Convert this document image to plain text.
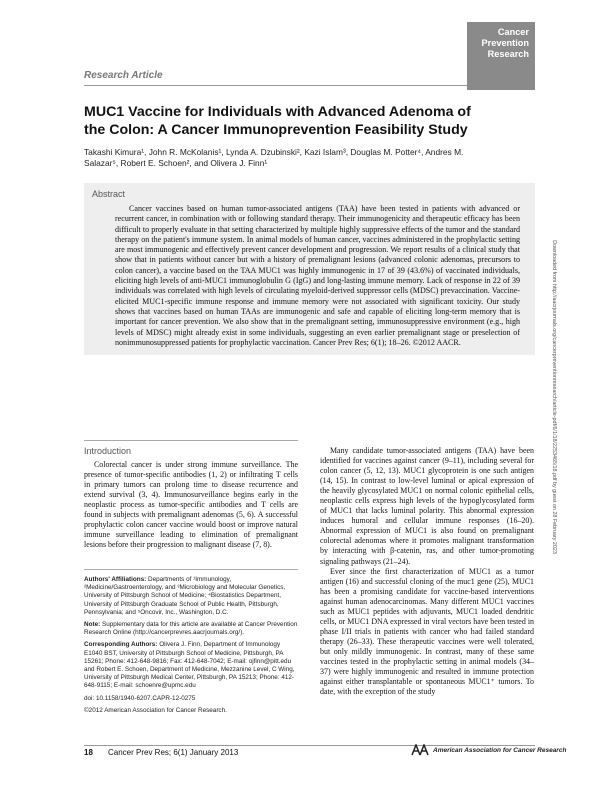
Cancer
Prevention
Research
Research Article
MUC1 Vaccine for Individuals with Advanced Adenoma of the Colon: A Cancer Immunoprevention Feasibility Study
Takashi Kimura¹, John R. McKolanis¹, Lynda A. Dzubinski², Kazi Islam³, Douglas M. Potter⁴, Andres M. Salazar⁵, Robert E. Schoen², and Olivera J. Finn¹
Abstract

Cancer vaccines based on human tumor-associated antigens (TAA) have been tested in patients with advanced or recurrent cancer, in combination with or following standard therapy. Their immunogenicity and therapeutic efficacy has been difficult to properly evaluate in that setting characterized by multiple highly suppressive effects of the tumor and the standard therapy on the patient's immune system. In animal models of human cancer, vaccines administered in the prophylactic setting are most immunogenic and effectively prevent cancer development and progression. We report results of a clinical study that show that in patients without cancer but with a history of premalignant lesions (advanced colonic adenomas, precursors to colon cancer), a vaccine based on the TAA MUC1 was highly immunogenic in 17 of 39 (43.6%) of vaccinated individuals, eliciting high levels of anti-MUC1 immunoglobulin G (IgG) and long-lasting immune memory. Lack of response in 22 of 39 individuals was correlated with high levels of circulating myeloid-derived suppressor cells (MDSC) prevaccination. Vaccine-elicited MUC1-specific immune response and immune memory were not associated with significant toxicity. Our study shows that vaccines based on human TAAs are immunogenic and safe and capable of eliciting long-term memory that is important for cancer prevention. We also show that in the premalignant setting, immunosuppressive environment (e.g., high levels of MDSC) might already exist in some individuals, suggesting an even earlier premalignant stage or preselection of nonimmunosuppressed patients for prophylactic vaccination. Cancer Prev Res; 6(1); 18–26. ©2012 AACR.

Introduction

Colorectal cancer is under strong immune surveillance. The presence of tumor-specific antibodies (1, 2) or infiltrating T cells in primary tumors can prolong time to disease recurrence and extend survival (3, 4). Immunosurveillance begins early in the neoplastic process as tumor-specific antibodies and T cells are found in subjects with premalignant adenomas (5, 6). A successful prophylactic colon cancer vaccine would boost or improve natural immune surveillance leading to elimination of premalignant lesions before their progression to malignant disease (7, 8).

Authors' Affiliations: Departments of ¹Immunology, ²Medicine/Gastroenterology, and ³Microbiology and Molecular Genetics, University of Pittsburgh School of Medicine; ⁴Biostatistics Department, University of Pittsburgh Graduate School of Public Health, Pittsburgh, Pennsylvania; and ⁵Oncovir, Inc., Washington, D.C.

Note: Supplementary data for this article are available at Cancer Prevention Research Online (http://cancerprevres.aacrjournals.org/).

Corresponding Authors: Olivera J. Finn, Department of Immunology E1040 BST, University of Pittsburgh School of Medicine, Pittsburgh, PA 15261; Phone: 412-648-9816; Fax: 412-648-7042; E-mail: ojfinn@pitt.edu and Robert E. Schoen, Department of Medicine, Mezzanine Level, C Wing, University of Pittsburgh Medical Center, Pittsburgh, PA 15213; Phone: 412-648-9115; E-mail: schoenre@upmc.edu

doi: 10.1158/1940-6207.CAPR-12-0275

©2012 American Association for Cancer Research.

Many candidate tumor-associated antigens (TAA) have been identified for vaccines against cancer (9–11), including several for colon cancer (5, 12, 13). MUC1 glycoprotein is one such antigen (14, 15). In contrast to low-level luminal or apical expression of the heavily glycosylated MUC1 on normal colonic epithelial cells, neoplastic cells express high levels of the hypoglycosylated form of MUC1 that lacks luminal polarity. This abnormal expression induces humoral and cellular immune responses (16–20). Abnormal expression of MUC1 is also found on premalignant colorectal adenomas where it promotes malignant transformation by interacting with β-catenin, ras, and other tumor-promoting signaling pathways (21–24).

Ever since the first characterization of MUC1 as a tumor antigen (16) and successful cloning of the muc1 gene (25), MUC1 has been a promising candidate for vaccine-based interventions against human adenocarcinomas. Many different MUC1 vaccines such as MUC1 peptides with adjuvants, MUC1 loaded dendritic cells, or MUC1 DNA expressed in viral vectors have been tested in phase I/II trials in patients with cancer who had failed standard therapy (26–33). These therapeutic vaccines were well tolerated, but only mildly immunogenic. In contrast, many of these same vaccines tested in the prophylactic setting in animal models (34–37) were highly immunogenic and resulted in immune protection against either transplantable or spontaneous MUC1⁺ tumors. To date, with the exception of the study

Downloaded from http://aacrjournals.org/cancerpreventionresearch/article-pdf/6/1/18/2253465/18.pdf by guest on 28 February 2023
18 Cancer Prev Res; 6(1) January 2013	American Association for Cancer Research
